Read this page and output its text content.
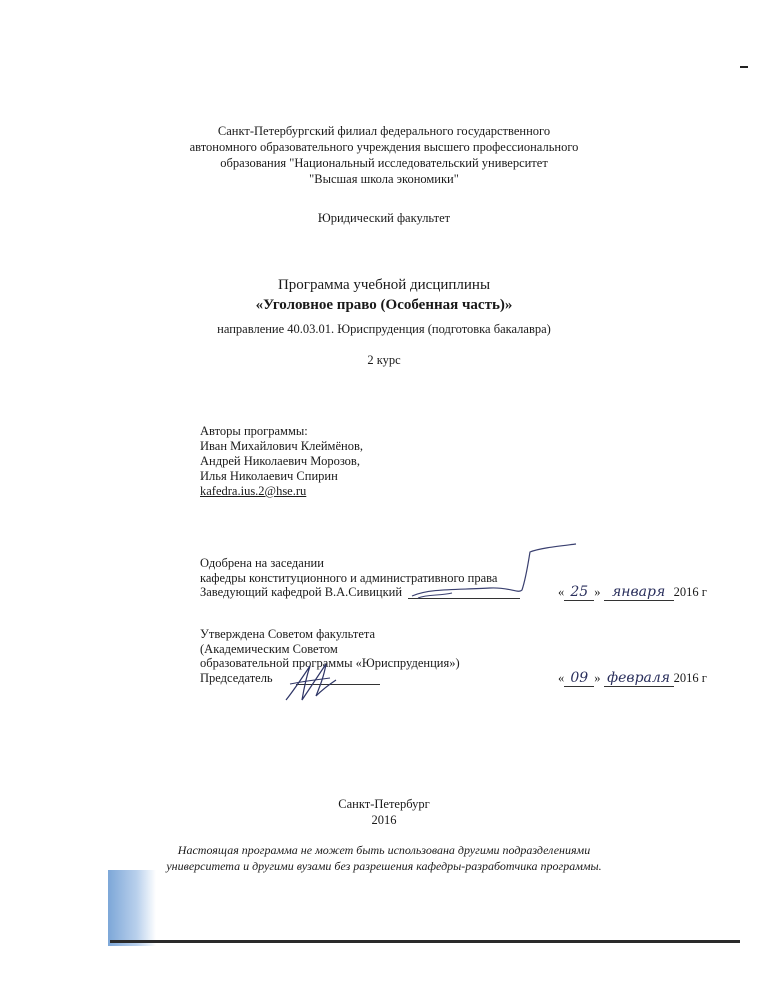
Санкт-Петербургский филиал федерального государственного
автономного образовательного учреждения высшего профессионального
образования "Национальный исследовательский университет
"Высшая школа экономики"
Юридический факультет
Программа учебной дисциплины
«Уголовное право (Особенная часть)»
направление 40.03.01. Юриспруденция (подготовка бакалавра)
2 курс
Авторы программы:
Иван Михайлович Клеймёнов,
Андрей Николаевич Морозов,
Илья Николаевич Спирин
kafedra.ius.2@hse.ru
Одобрена на заседании
кафедры конституционного и административного права
Заведующий кафедрой В.А.Сивицкий	« 25 » января 2016 г
Утверждена Советом факультета
(Академическим Советом
образовательной программы «Юриспруденция»)
Председатель	« 09 » февраля 2016 г
Санкт-Петербург
2016
Настоящая программа не может быть использована другими подразделениями
университета и другими вузами без разрешения кафедры-разработчика программы.
